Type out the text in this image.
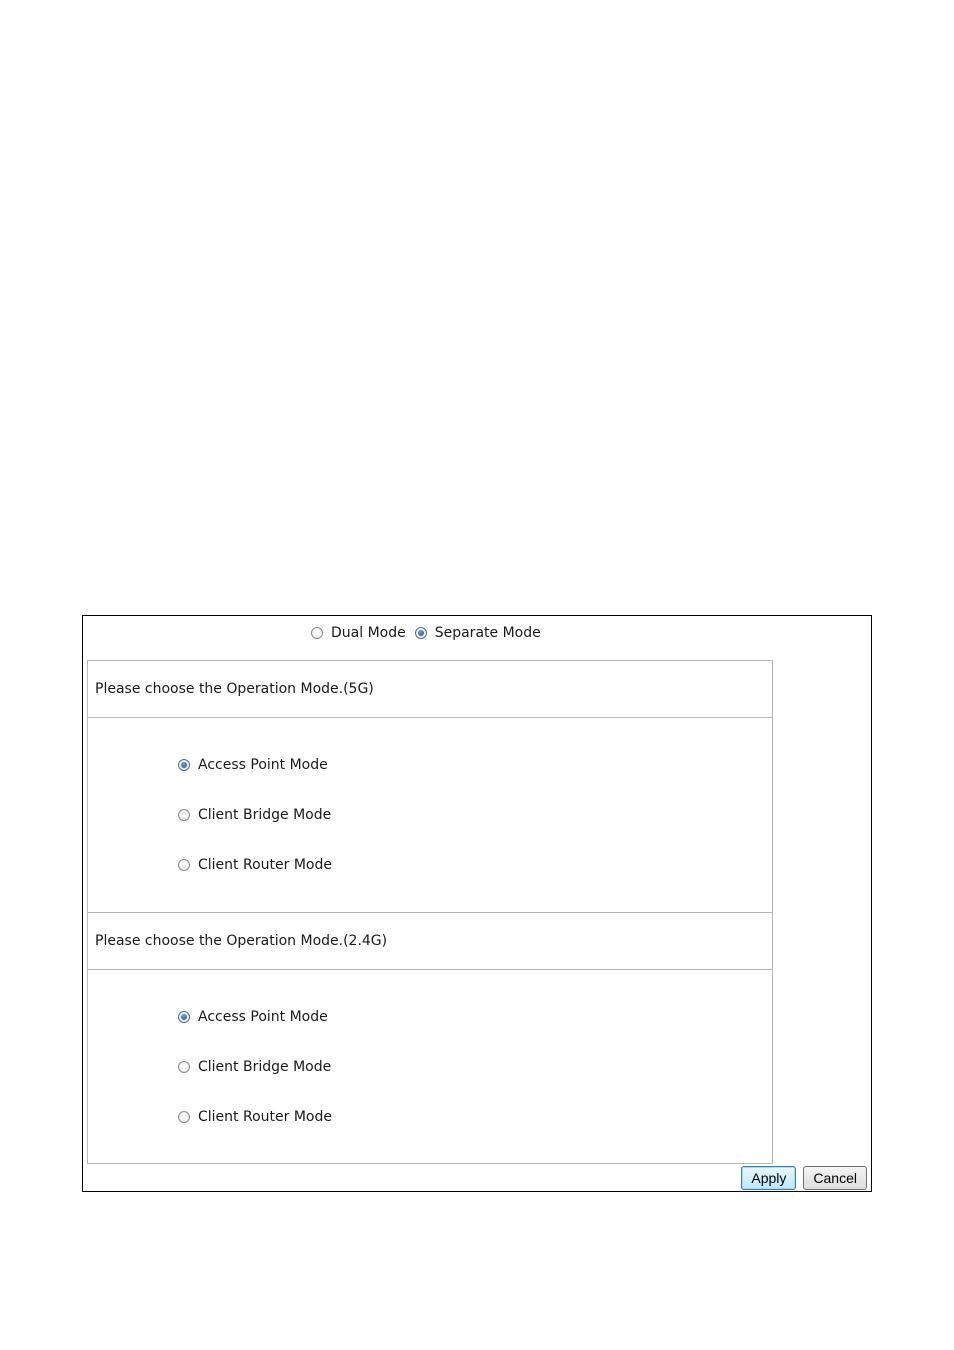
Dual Mode Separate Mode
Please choose the Operation Mode.(5G)
Access Point Mode
Client Bridge Mode
Client Router Mode
Please choose the Operation Mode.(2.4G)
Access Point Mode
Client Bridge Mode
Client Router Mode
Apply	Cancel
